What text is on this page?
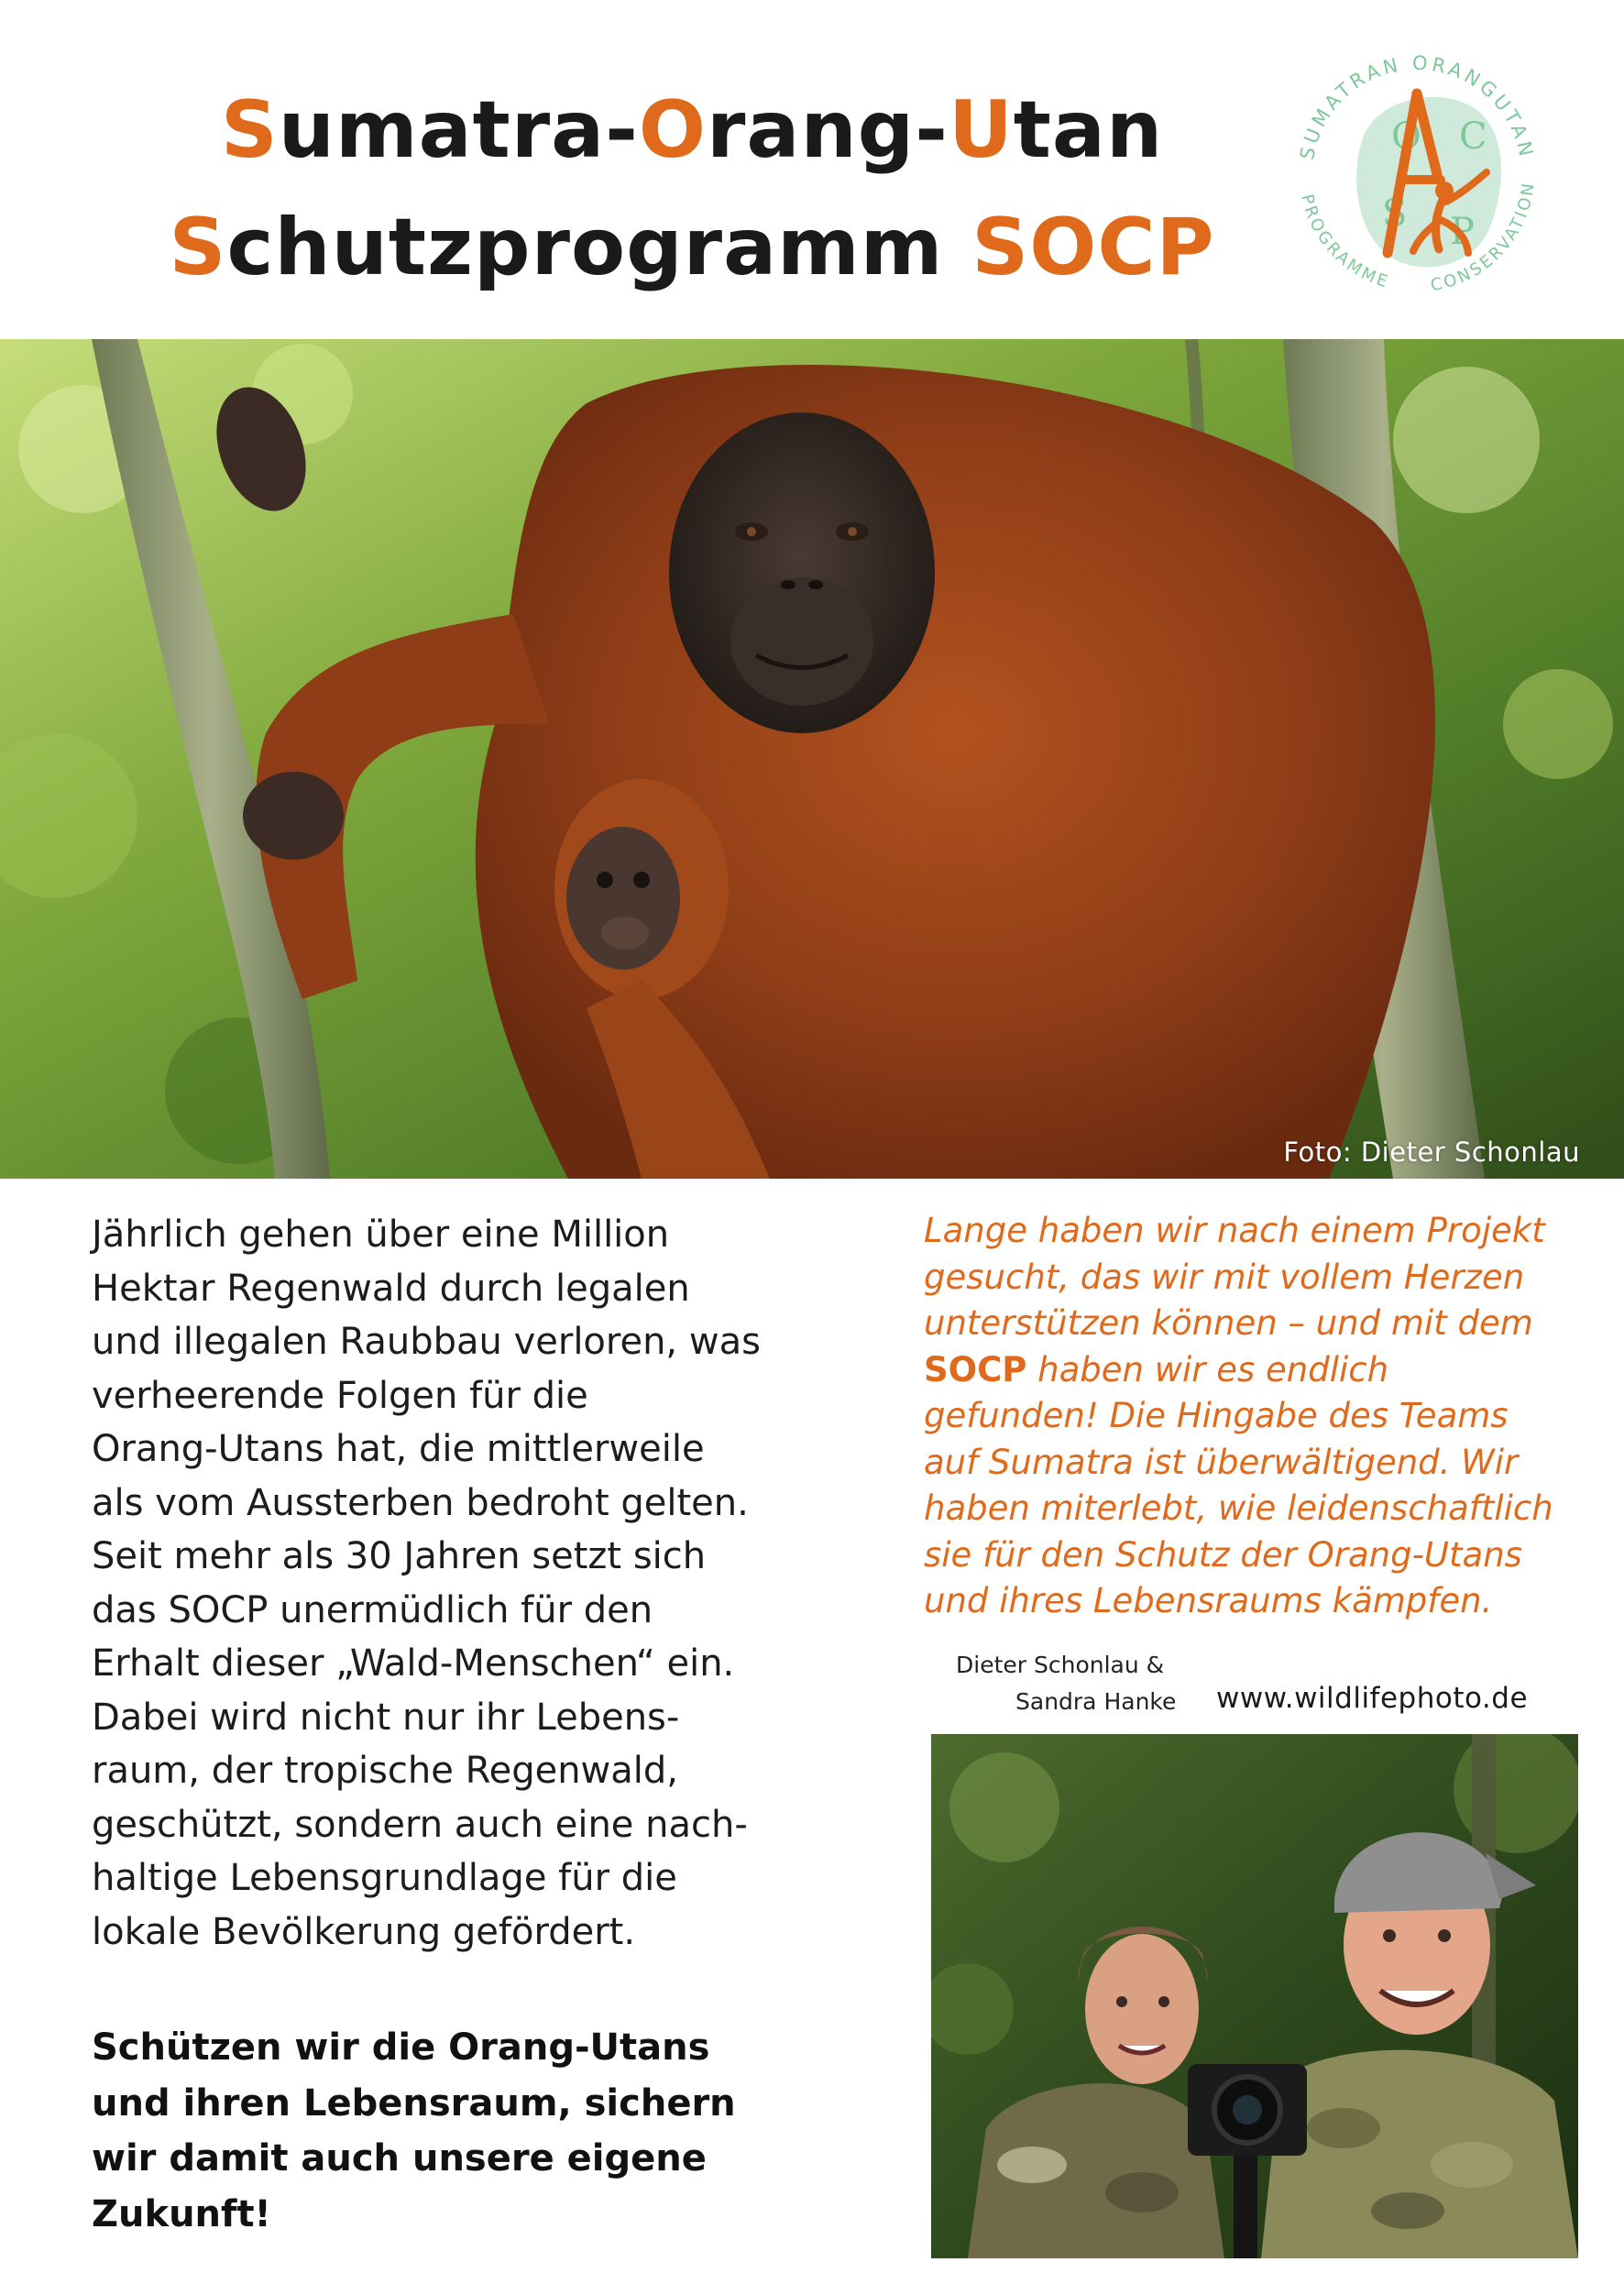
Sumatra-Orang-Utan
Schutzprogramm SOCP
SUMATRAN ORANGUTAN
PROGRAMME CONSERVATION
O C
S P
Foto: Dieter Schonlau

Jährlich gehen über eine Million
Hektar Regenwald durch legalen
und illegalen Raubbau verloren, was
verheerende Folgen für die
Orang-Utans hat, die mittlerweile
als vom Aussterben bedroht gelten.
Seit mehr als 30 Jahren setzt sich
das SOCP unermüdlich für den
Erhalt dieser „Wald-Menschen“ ein.
Dabei wird nicht nur ihr Lebens-
raum, der tropische Regenwald,
geschützt, sondern auch eine nach-
haltige Lebensgrundlage für die
lokale Bevölkerung gefördert.

Schützen wir die Orang-Utans
und ihren Lebensraum, sichern
wir damit auch unsere eigene
Zukunft!

Lange haben wir nach einem Projekt
gesucht, das wir mit vollem Herzen
unterstützen können – und mit dem
SOCP haben wir es endlich
gefunden! Die Hingabe des Teams
auf Sumatra ist überwältigend. Wir
haben miterlebt, wie leidenschaftlich
sie für den Schutz der Orang-Utans
und ihres Lebensraums kämpfen.

Dieter Schonlau &
Sandra Hanke www.wildlifephoto.de
